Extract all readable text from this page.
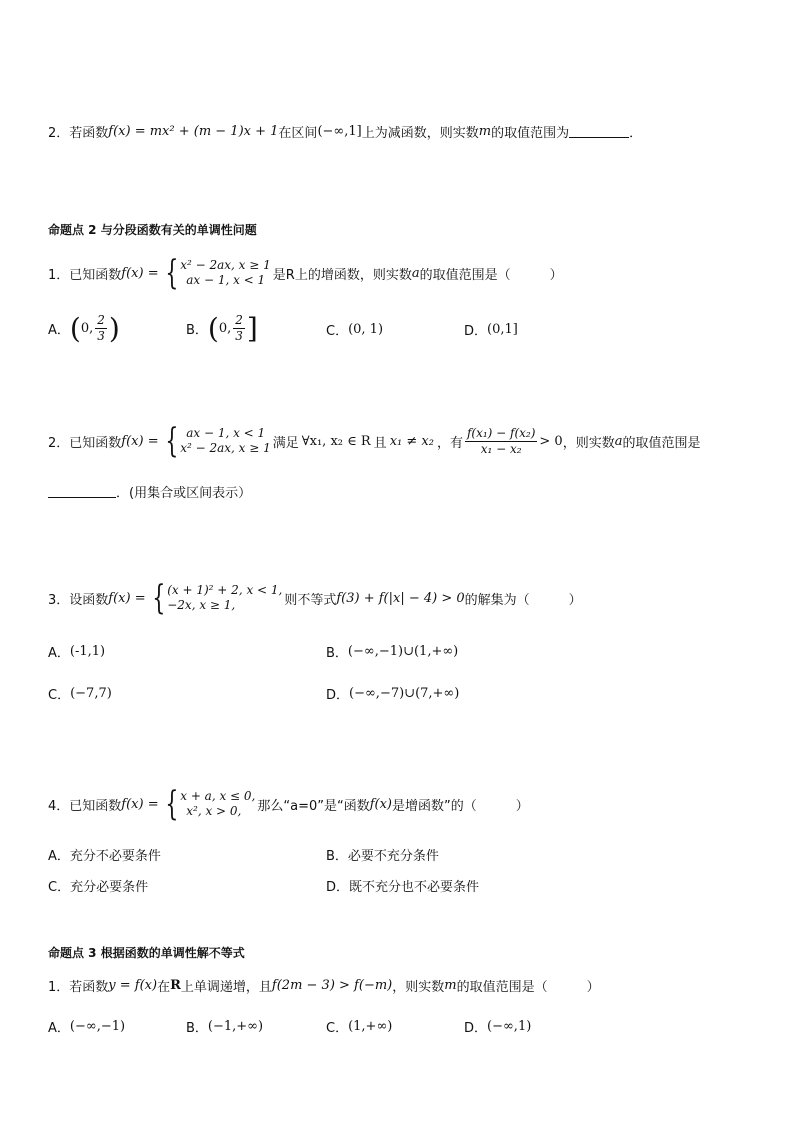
2．若函数 f(x) = mx² + (m − 1)x + 1 在区间 (−∞,1] 上为减函数，则实数 m 的取值范围为	．
命题点 2 与分段函数有关的单调性问题
1．已知函数 f(x) = { x² − 2ax, x ≥ 1
ax − 1, x < 1 是R上的增函数，则实数 a 的取值范围是（　　　）
A． ( 0, $\frac{2}{3}$ )	B． ( 0, $\frac{2}{3}$ ]	C． (0, 1)	D． (0,1]
2．已知函数 f(x) = { ax − 1, x < 1
x² − 2ax, x ≥ 1 满足 ∀x₁, x₂ ∈ R 且 x₁ ≠ x₂ ，有 $\frac{\text{f(x₁) − f(x₂)}}{\text{x₁ − x₂}} > 0$ ，则实数 a 的取值范围是
．(用集合或区间表示）
3．设函数 f(x) = { (x + 1)² + 2, x < 1,
−2x, x ≥ 1,	则不等式 f(3) + f(|x| − 4) > 0 的解集为（　　　）
A． (-1,1)	B． (−∞,−1)∪(1,+∞)
C． (−7,7)	D． (−∞,−7)∪(7,+∞)
4．已知函数 f(x) = { x + a, x ≤ 0,
x², x > 0,	那么“a=0”是“函数 f(x) 是增函数”的（　　　）
A． 充分不必要条件	B． 必要不充分条件
C． 充分必要条件	D． 既不充分也不必要条件
命题点 3 根据函数的单调性解不等式
1．若函数 y = f(x) 在 R 上单调递增，且 f(2m − 3) > f(−m) ，则实数 m 的取值范围是（　　　）
A． (−∞,−1)	B． (−1,+∞)	C． (1,+∞)	D． (−∞,1)
